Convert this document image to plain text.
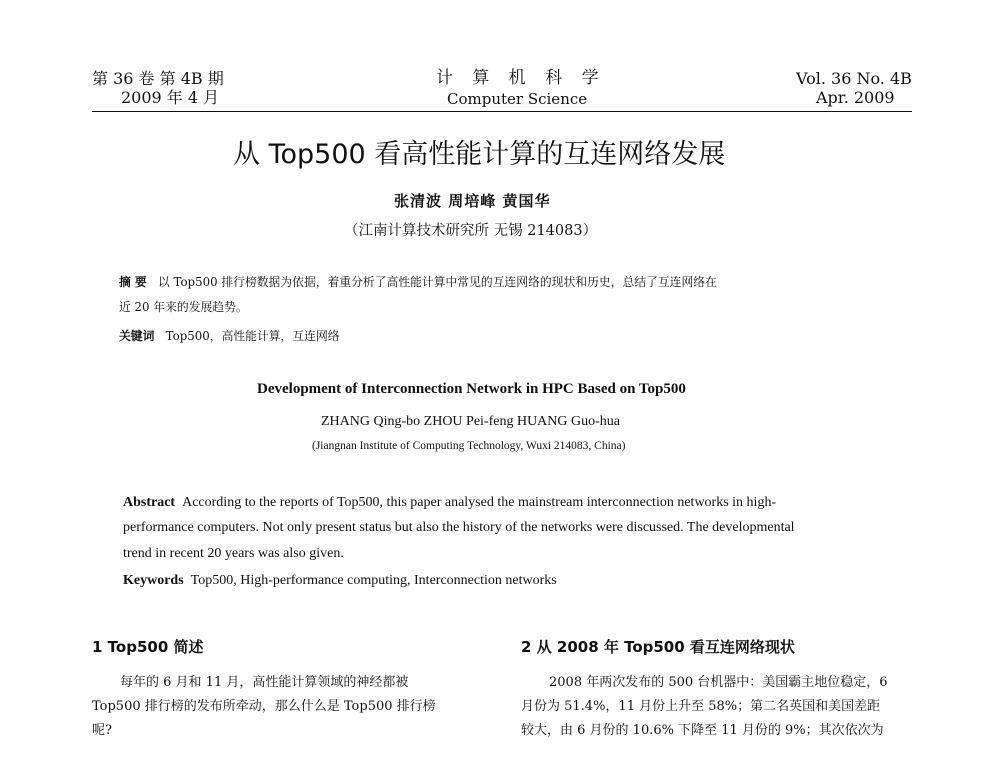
第 36 卷 第 4B 期
2009 年 4 月
计 算 机 科 学
Computer Science
Vol. 36 No. 4B
Apr. 2009
从 Top500 看高性能计算的互连网络发展
张清波 周培峰 黄国华
（江南计算技术研究所 无锡 214083）
摘 要 以 Top500 排行榜数据为依据，着重分析了高性能计算中常见的互连网络的现状和历史，总结了互连网络在
近 20 年来的发展趋势。
关键词 Top500，高性能计算，互连网络
Development of Interconnection Network in HPC Based on Top500
ZHANG Qing-bo ZHOU Pei-feng HUANG Guo-hua
(Jiangnan Institute of Computing Technology, Wuxi 214083, China)
Abstract According to the reports of Top500, this paper analysed the mainstream interconnection networks in high-
performance computers. Not only present status but also the history of the networks were discussed. The developmental
trend in recent 20 years was also given.
Keywords Top500, High-performance computing, Interconnection networks
1 Top500 简述
每年的 6 月和 11 月，高性能计算领域的神经都被
Top500 排行榜的发布所牵动，那么什么是 Top500 排行榜
呢?
2 从 2008 年 Top500 看互连网络现状
2008 年两次发布的 500 台机器中：美国霸主地位稳定，6
月份为 51.4%，11 月份上升至 58%；第二名英国和美国差距
较大，由 6 月份的 10.6% 下降至 11 月份的 9%；其次依次为
